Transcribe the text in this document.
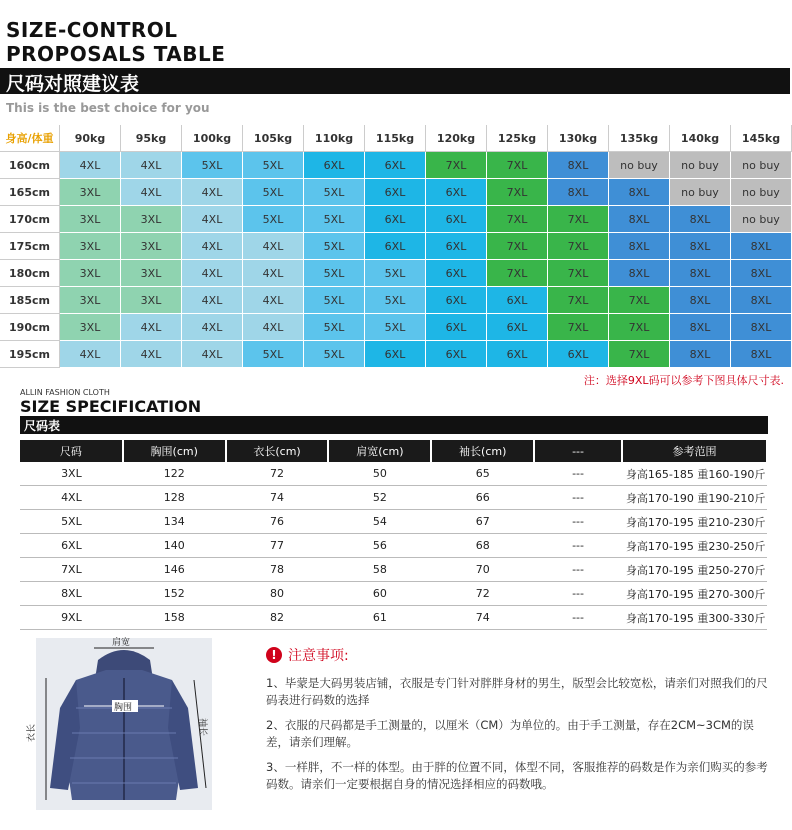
SIZE-CONTROL
PROPOSALS TABLE
尺码对照建议表
This is the best choice for you
身高/体重	90kg	95kg	100kg	105kg	110kg	115kg	120kg	125kg	130kg	135kg	140kg	145kg
160cm	4XL	4XL	5XL	5XL	6XL	6XL	7XL	7XL	8XL	no buy	no buy	no buy
165cm	3XL	4XL	4XL	5XL	5XL	6XL	6XL	7XL	8XL	8XL	no buy	no buy
170cm	3XL	3XL	4XL	5XL	5XL	6XL	6XL	7XL	7XL	8XL	8XL	no buy
175cm	3XL	3XL	4XL	4XL	5XL	6XL	6XL	7XL	7XL	8XL	8XL	8XL
180cm	3XL	3XL	4XL	4XL	5XL	5XL	6XL	7XL	7XL	8XL	8XL	8XL
185cm	3XL	3XL	4XL	4XL	5XL	5XL	6XL	6XL	7XL	7XL	8XL	8XL
190cm	3XL	4XL	4XL	4XL	5XL	5XL	6XL	6XL	7XL	7XL	8XL	8XL
195cm	4XL	4XL	4XL	5XL	5XL	6XL	6XL	6XL	6XL	7XL	8XL	8XL
注：选择9XL码可以参考下图具体尺寸表.
ALLIN FASHION CLOTH
SIZE SPECIFICATION
尺码表
尺码	胸围(cm)	衣长(cm)	肩宽(cm)	袖长(cm)	---	参考范围
3XL	122	72	50	65	---	身高165-185 重160-190斤
4XL	128	74	52	66	---	身高170-190 重190-210斤
5XL	134	76	54	67	---	身高170-195 重210-230斤
6XL	140	77	56	68	---	身高170-195 重230-250斤
7XL	146	78	58	70	---	身高170-195 重250-270斤
8XL	152	80	60	72	---	身高170-195 重270-300斤
9XL	158	82	61	74	---	身高170-195 重300-330斤
肩宽
胸围
衣长	袖长
! 注意事项:

1、毕蒙是大码男装店铺，衣服是专门针对胖胖身材的男生，版型会比较宽松，请亲们对照我们的尺码表进行码数的选择

2、衣服的尺码都是手工测量的，以厘米（CM）为单位的。由于手工测量，存在2CM~3CM的误差，请亲们理解。

3、一样胖，不一样的体型。由于胖的位置不同，体型不同，客服推荐的码数是作为亲们购买的参考码数。请亲们一定要根据自身的情况选择相应的码数哦。
